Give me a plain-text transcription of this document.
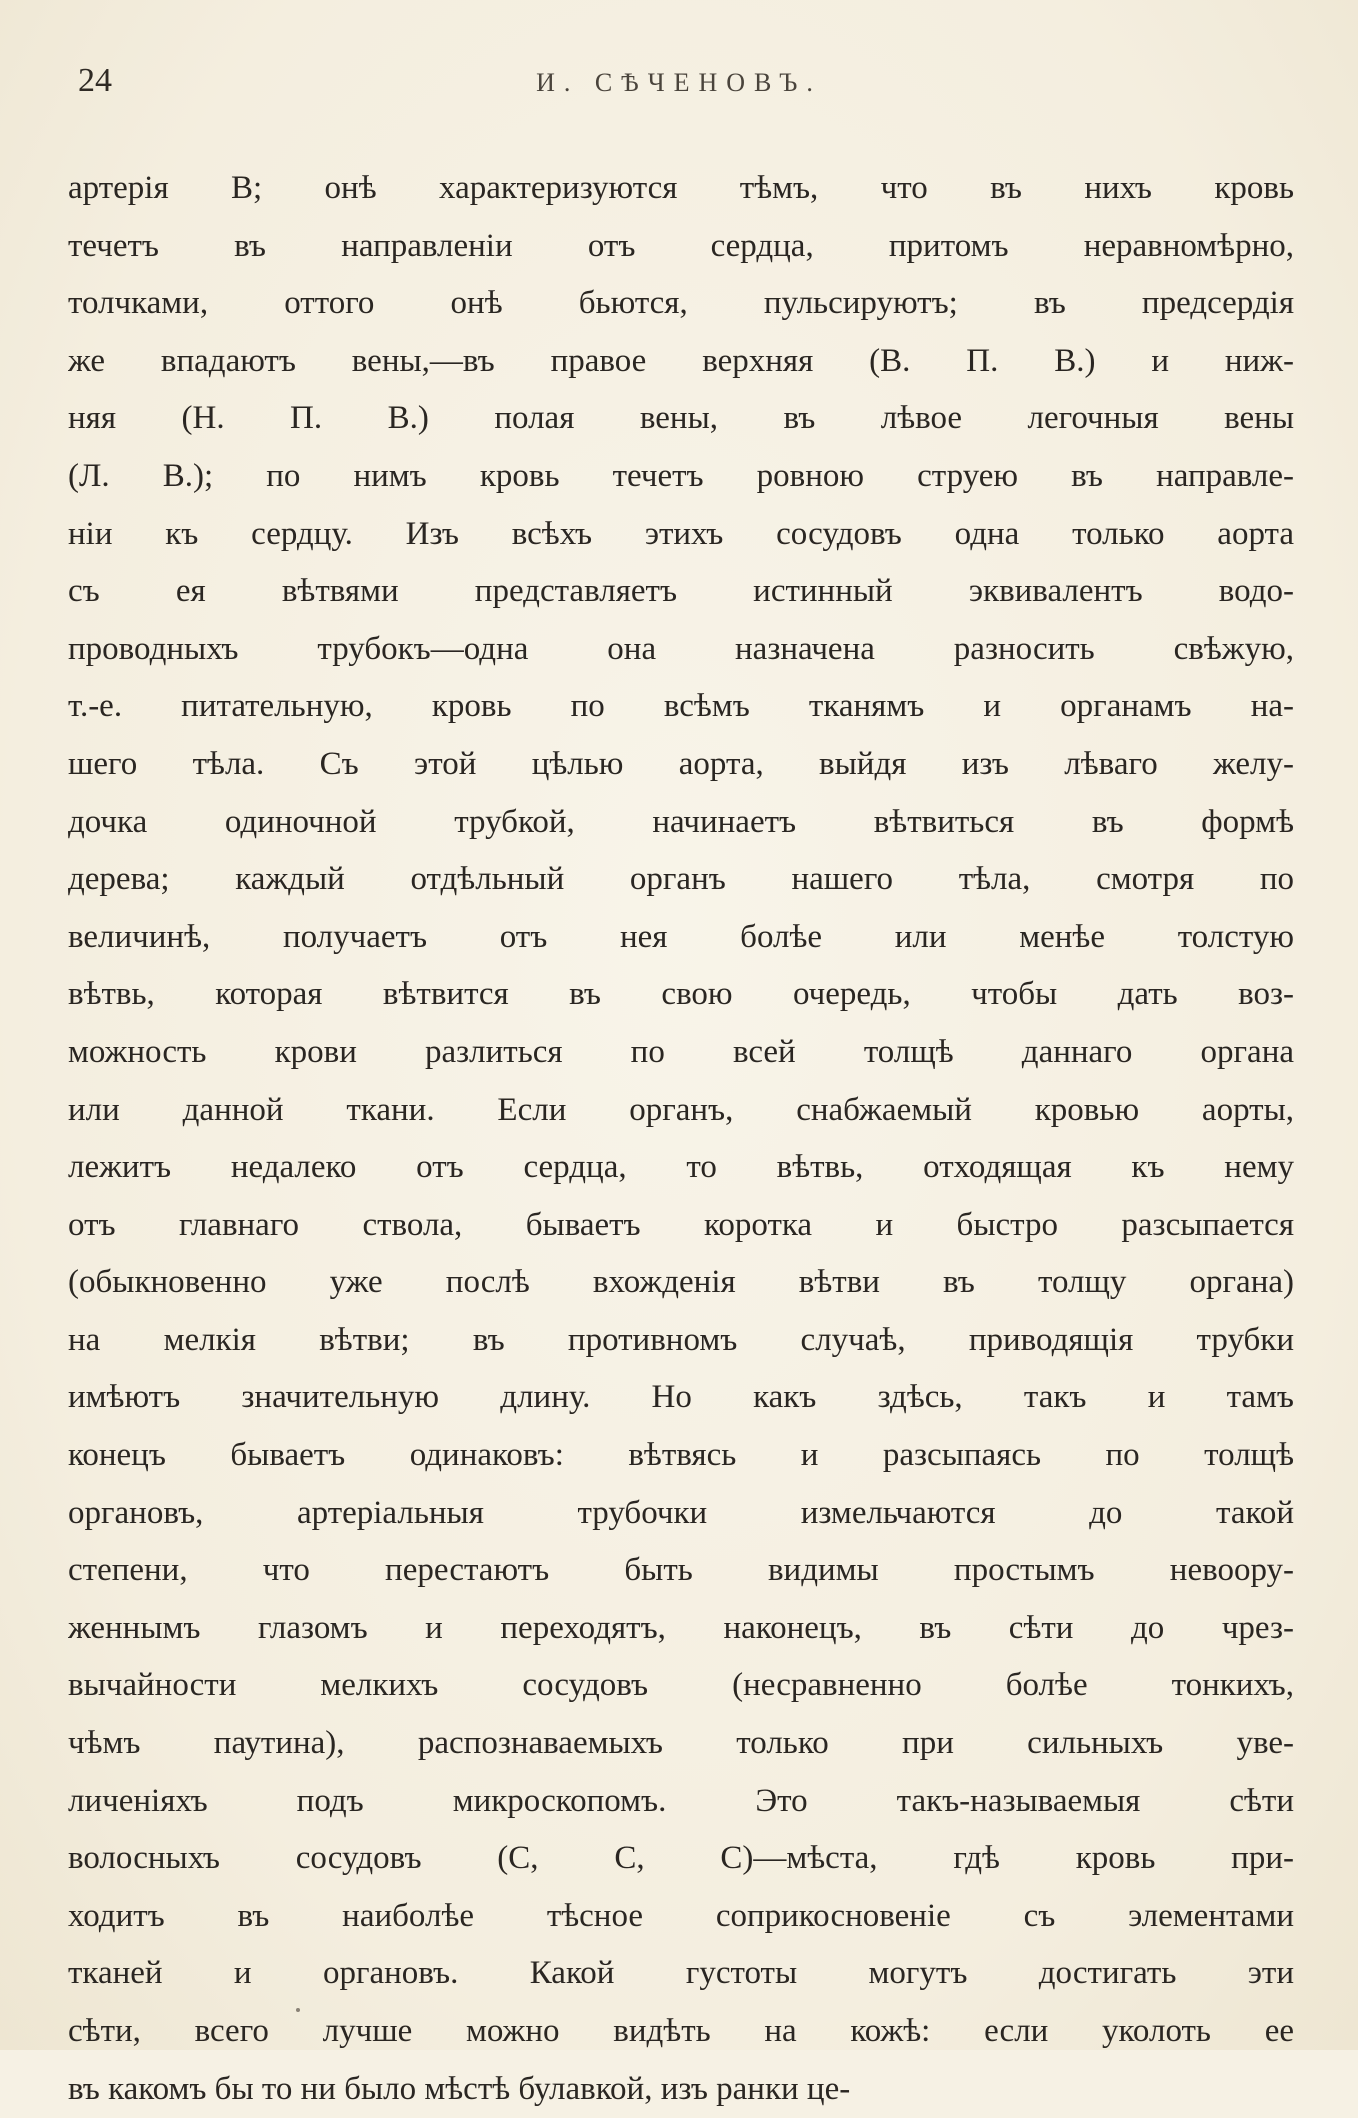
24	И. СѢЧЕНОВЪ.
артерія В; онѣ характеризуются тѣмъ, что въ нихъ кровь
течетъ въ направленіи отъ сердца, притомъ неравномѣрно,
толчками, оттого онѣ бьются, пульсируютъ; въ предсердія
же впадаютъ вены,—въ правое верхняя (В. П. В.) и ниж-
няя (Н. П. В.) полая вены, въ лѣвое легочныя вены
(Л. В.); по нимъ кровь течетъ ровною струею въ направле-
ніи къ сердцу. Изъ всѣхъ этихъ сосудовъ одна только аорта
съ ея вѣтвями представляетъ истинный эквивалентъ водо-
проводныхъ трубокъ—одна она назначена разносить свѣжую,
т.-е. питательную, кровь по всѣмъ тканямъ и органамъ на-
шего тѣла. Съ этой цѣлью аорта, выйдя изъ лѣваго желу-
дочка одиночной трубкой, начинаетъ вѣтвиться въ формѣ
дерева; каждый отдѣльный органъ нашего тѣла, смотря по
величинѣ, получаетъ отъ нея болѣе или менѣе толстую
вѣтвь, которая вѣтвится въ свою очередь, чтобы дать воз-
можность крови разлиться по всей толщѣ даннаго органа
или данной ткани. Если органъ, снабжаемый кровью аорты,
лежитъ недалеко отъ сердца, то вѣтвь, отходящая къ нему
отъ главнаго ствола, бываетъ коротка и быстро разсыпается
(обыкновенно уже послѣ вхожденія вѣтви въ толщу органа)
на мелкія вѣтви; въ противномъ случаѣ, приводящія трубки
имѣютъ значительную длину. Но какъ здѣсь, такъ и тамъ
конецъ бываетъ одинаковъ: вѣтвясь и разсыпаясь по толщѣ
органовъ, артеріальныя трубочки измельчаются до такой
степени, что перестаютъ быть видимы простымъ невоору-
женнымъ глазомъ и переходятъ, наконецъ, въ сѣти до чрез-
вычайности мелкихъ сосудовъ (несравненно болѣе тонкихъ,
чѣмъ паутина), распознаваемыхъ только при сильныхъ уве-
личеніяхъ подъ микроскопомъ. Это такъ-называемыя сѣти
волосныхъ сосудовъ (С, С, С)—мѣста, гдѣ кровь при-
ходитъ въ наиболѣе тѣсное соприкосновеніе съ элементами
тканей и органовъ. Какой густоты могутъ достигать эти
сѣти, всего лучше можно видѣть на кожѣ: если уколоть ее
въ какомъ бы то ни было мѣстѣ булавкой, изъ ранки це-
